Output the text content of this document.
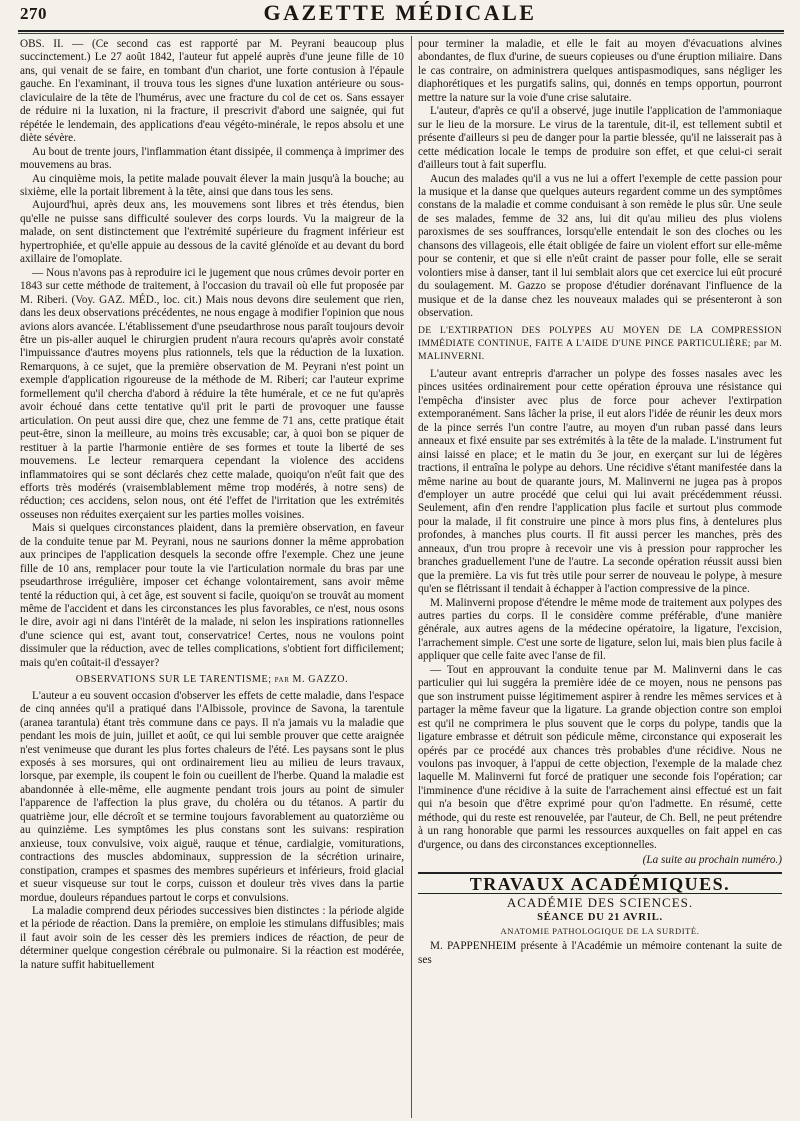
270	GAZETTE MÉDICALE

OBS. II. — (Ce second cas est rapporté par M. Peyrani beaucoup plus succinctement.) Le 27 août 1842, l'auteur fut appelé auprès d'une jeune fille de 10 ans, qui venait de se faire, en tombant d'un chariot, une forte contusion à l'épaule gauche. En l'examinant, il trouva tous les signes d'une luxation antérieure ou sous-claviculaire de la tête de l'humérus, avec une fracture du col de cet os. Sans essayer de réduire ni la luxation, ni la fracture, il prescrivit d'abord une saignée, qui fut répétée le lendemain, des applications d'eau végéto-minérale, le repos absolu et une diète sévère.

Au bout de trente jours, l'inflammation étant dissipée, il commença à imprimer des mouvemens au bras.

Au cinquième mois, la petite malade pouvait élever la main jusqu'à la bouche; au sixième, elle la portait librement à la tête, ainsi que dans tous les sens.

Aujourd'hui, après deux ans, les mouvemens sont libres et très étendus, bien qu'elle ne puisse sans difficulté soulever des corps lourds. Vu la maigreur de la malade, on sent distinctement que l'extrémité supérieure du fragment inférieur est hypertrophiée, et qu'elle appuie au dessous de la cavité glénoïde et au devant du bord axillaire de l'omoplate.

— Nous n'avons pas à reproduire ici le jugement que nous crûmes devoir porter en 1843 sur cette méthode de traitement, à l'occasion du travail où elle fut proposée par M. Riberi. (Voy. GAZ. MÉD., loc. cit.) Mais nous devons dire seulement que rien, dans les deux observations précédentes, ne nous engage à modifier l'opinion que nous avions alors avancée. L'établissement d'une pseudarthrose nous paraît toujours devoir être un pis-aller auquel le chirurgien prudent n'aura recours qu'après avoir constaté l'impuissance d'autres moyens plus rationnels, tels que la réduction de la luxation. Remarquons, à ce sujet, que la première observation de M. Peyrani n'est point un exemple d'application rigoureuse de la méthode de M. Riberi; car l'auteur exprime formellement qu'il chercha d'abord à réduire la tête humérale, et ce ne fut qu'après avoir échoué dans cette tentative qu'il prit le parti de provoquer une fausse articulation. On peut aussi dire que, chez une femme de 71 ans, cette pratique était peut-être, sinon la meilleure, au moins très excusable; car, à quoi bon se piquer de restituer à la partie l'harmonie entière de ses formes et toute la liberté de ses mouvemens. Le lecteur remarquera cependant la violence des accidens inflammatoires qui se sont déclarés chez cette malade, quoiqu'on n'eût fait que des efforts très modérés (vraisemblablement même trop modérés, à notre sens) de réduction; ces accidens, selon nous, ont été l'effet de l'irritation que les extrémités osseuses non réduites exerçaient sur les parties molles voisines.

Mais si quelques circonstances plaident, dans la première observation, en faveur de la conduite tenue par M. Peyrani, nous ne saurions donner la même approbation aux principes de l'application desquels la seconde offre l'exemple. Chez une jeune fille de 10 ans, remplacer pour toute la vie l'articulation normale du bras par une pseudarthrose irrégulière, imposer cet échange volontairement, sans avoir même tenté la réduction qui, à cet âge, est souvent si facile, quoiqu'on se trouvât au moment même de l'accident et dans les circonstances les plus favorables, ce n'est, nous osons le dire, avoir agi ni dans l'intérêt de la malade, ni selon les inspirations rationnelles d'une science qui est, avant tout, conservatrice! Certes, nous ne voulons point dissimuler que la réduction, avec de telles complications, s'obtient fort difficilement; mais qu'en coûtait-il d'essayer?

OBSERVATIONS SUR LE TARENTISME; par M. GAZZO.

L'auteur a eu souvent occasion d'observer les effets de cette maladie, dans l'espace de cinq années qu'il a pratiqué dans l'Albissole, province de Savona, la tarentule (aranea tarantula) étant très commune dans ce pays. Il n'a jamais vu la maladie que pendant les mois de juin, juillet et août, ce qui lui semble prouver que cette araignée n'est venimeuse que durant les plus fortes chaleurs de l'été. Les paysans sont le plus exposés à ses morsures, qui ont ordinairement lieu au milieu de leurs travaux, lorsque, par exemple, ils coupent le foin ou cueillent de l'herbe. Quand la maladie est abandonnée à elle-même, elle augmente pendant trois jours au point de simuler l'apparence de l'affection la plus grave, du choléra ou du tétanos. A partir du quatrième jour, elle décroît et se termine toujours favorablement au quatorzième ou au quinzième. Les symptômes les plus constans sont les suivans: respiration anxieuse, toux convulsive, voix aiguë, rauque et ténue, cardialgie, vomiturations, contractions des muscles abdominaux, suppression de la sécrétion urinaire, constipation, crampes et spasmes des membres supérieurs et inférieurs, froid glacial et sueur visqueuse sur tout le corps, cuisson et douleur très vives dans la partie mordue, douleurs répandues partout le corps et convulsions.

La maladie comprend deux périodes successives bien distinctes : la période algide et la période de réaction. Dans la première, on emploie les stimulans diffusibles; mais il faut avoir soin de les cesser dès les premiers indices de réaction, de peur de déterminer quelque congestion cérébrale ou pulmonaire. Si la réaction est modérée, la nature suffit habituellement

pour terminer la maladie, et elle le fait au moyen d'évacuations alvines abondantes, de flux d'urine, de sueurs copieuses ou d'une éruption miliaire. Dans le cas contraire, on administrera quelques antispasmodiques, sans négliger les diaphorétiques et les purgatifs salins, qui, donnés en temps opportun, pourront mettre la nature sur la voie d'une crise salutaire.

L'auteur, d'après ce qu'il a observé, juge inutile l'application de l'ammoniaque sur le lieu de la morsure. Le virus de la tarentule, dit-il, est tellement subtil et présente d'ailleurs si peu de danger pour la partie blessée, qu'il ne laisserait pas à cette médication locale le temps de produire son effet, et que celui-ci serait d'ailleurs tout à fait superflu.

Aucun des malades qu'il a vus ne lui a offert l'exemple de cette passion pour la musique et la danse que quelques auteurs regardent comme un des symptômes constans de la maladie et comme conduisant à son remède le plus sûr. Une seule de ses malades, femme de 32 ans, lui dit qu'au milieu des plus violens paroxismes de ses souffrances, lorsqu'elle entendait le son des cloches ou les chansons des villageois, elle était obligée de faire un violent effort sur elle-même pour se contenir, et que si elle n'eût craint de passer pour folle, elle se serait volontiers mise à danser, tant il lui semblait alors que cet exercice lui eût procuré du soulagement. M. Gazzo se propose d'étudier dorénavant l'influence de la musique et de la danse chez les nouveaux malades qui se présenteront à son observation.

DE L'EXTIRPATION DES POLYPES AU MOYEN DE LA COMPRESSION IMMÉDIATE CONTINUE, FAITE A L'AIDE D'UNE PINCE PARTICULIÈRE; par M. MALINVERNI.

L'auteur avant entrepris d'arracher un polype des fosses nasales avec les pinces usitées ordinairement pour cette opération éprouva une résistance qui l'empêcha d'insister avec plus de force pour achever l'extirpation extemporanément. Sans lâcher la prise, il eut alors l'idée de réunir les deux mors de la pince serrés l'un contre l'autre, au moyen d'un ruban passé dans leurs anneaux et fixé ensuite par ses extrémités à la tête de la malade. L'instrument fut ainsi laissé en place; et le matin du 3e jour, en exerçant sur lui de légères tractions, il entraîna le polype au dehors. Une récidive s'étant manifestée dans la même narine au bout de quarante jours, M. Malinverni ne jugea pas à propos d'employer un autre procédé que celui qui lui avait précédemment réussi. Seulement, afin d'en rendre l'application plus facile et surtout plus commode pour la malade, il fit construire une pince à mors plus fins, à dentelures plus profondes, à manches plus courts. Il fit aussi percer les manches, près des anneaux, d'un trou propre à recevoir une vis à pression pour rapprocher les branches graduellement l'une de l'autre. La seconde opération réussit aussi bien que la première. La vis fut très utile pour serrer de nouveau le polype, à mesure qu'en se flétrissant il tendait à échapper à l'action compressive de la pince.

M. Malinverni propose d'étendre le même mode de traitement aux polypes des autres parties du corps. Il le considère comme préférable, d'une manière générale, aux autres agens de la médecine opératoire, la ligature, l'excision, l'arrachement simple. C'est une sorte de ligature, selon lui, mais bien plus facile à appliquer que celle faite avec l'anse de fil.

— Tout en approuvant la conduite tenue par M. Malinverni dans le cas particulier qui lui suggéra la première idée de ce moyen, nous ne pensons pas que son instrument puisse légitimement aspirer à rendre les mêmes services et à partager la même faveur que la ligature. La grande objection contre son emploi est qu'il ne comprimera le plus souvent que le corps du polype, tandis que la ligature embrasse et détruit son pédicule même, circonstance qui exposerait les opérés par ce procédé aux chances très probables d'une récidive. Nous ne voulons pas invoquer, à l'appui de cette objection, l'exemple de la malade chez laquelle M. Malinverni fut forcé de pratiquer une seconde fois l'opération; car l'imminence d'une récidive à la suite de l'arrachement ainsi effectué est un fait qui n'a besoin que d'être exprimé pour qu'on l'admette. En résumé, cette méthode, qui du reste est renouvelée, par l'auteur, de Ch. Bell, ne peut prétendre à un rang honorable que parmi les ressources auxquelles on fait appel en cas d'urgence, ou dans des circonstances exceptionnelles.

(La suite au prochain numéro.)
TRAVAUX ACADÉMIQUES.
ACADÉMIE DES SCIENCES.
SÉANCE DU 21 AVRIL.
ANATOMIE PATHOLOGIQUE DE LA SURDITÉ.

M. PAPPENHEIM présente à l'Académie un mémoire contenant la suite de ses
